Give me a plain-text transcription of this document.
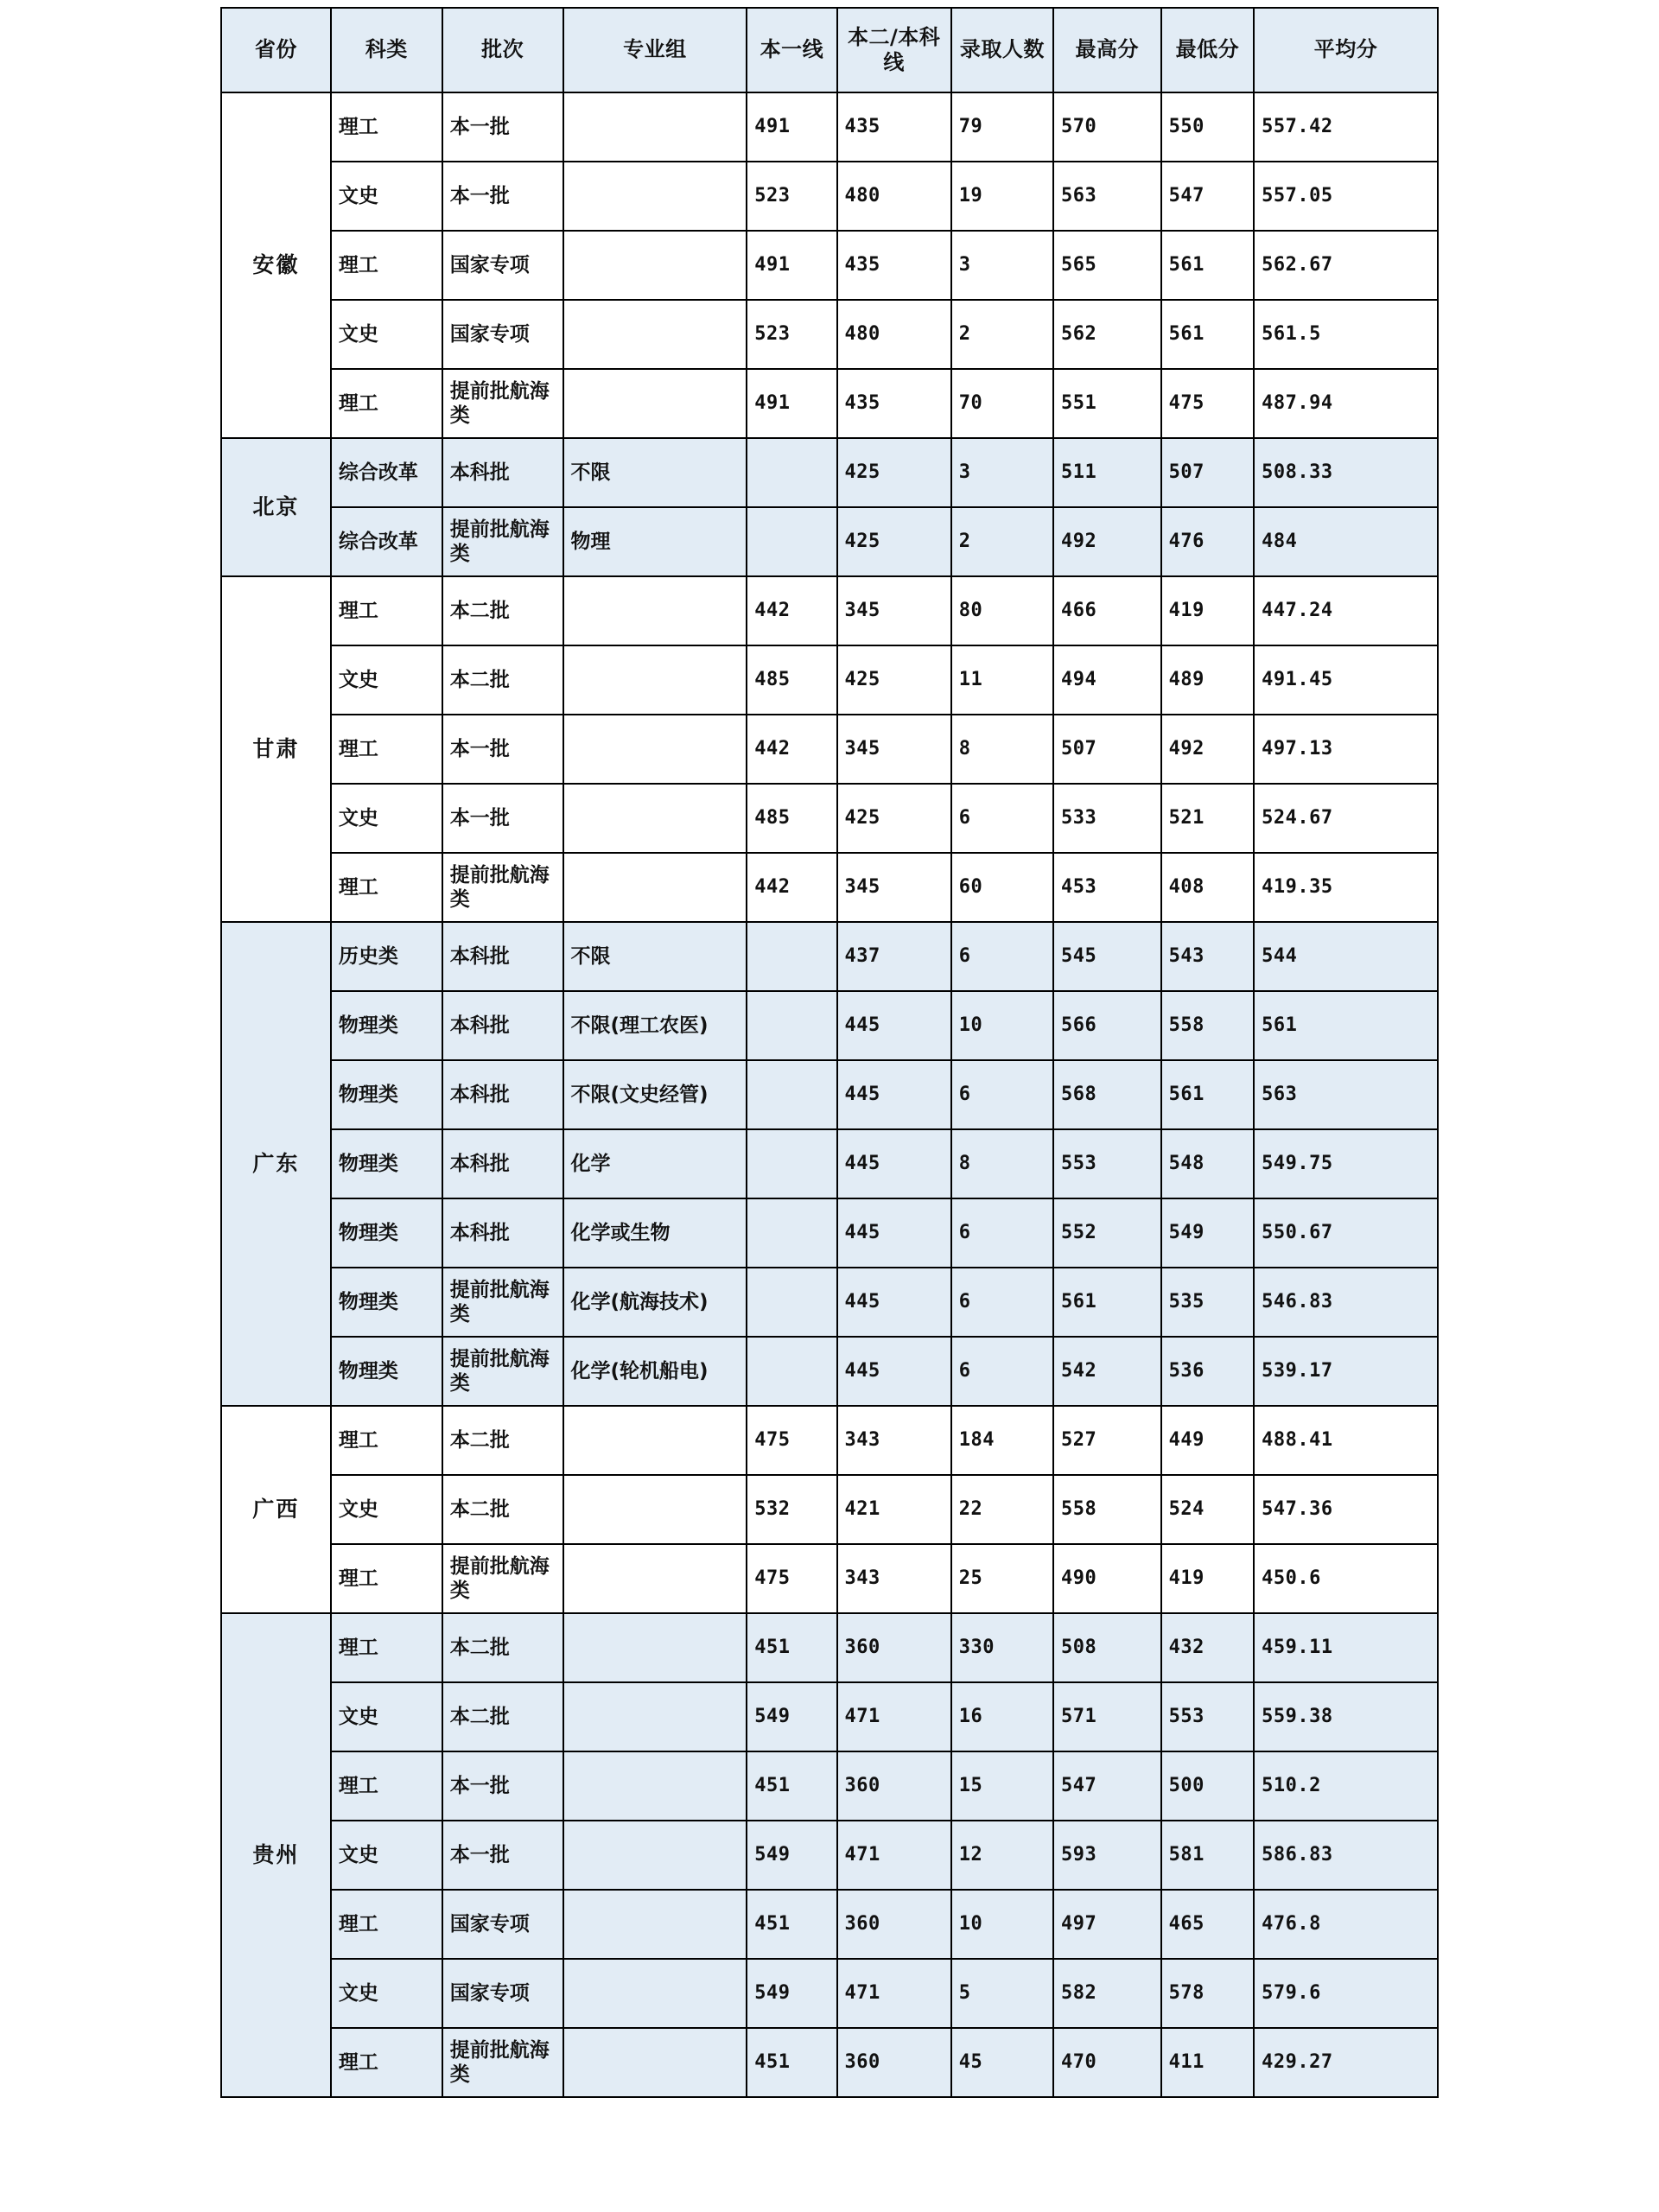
省份	科类	批次	专业组	本一线	本二/本科线	录取人数	最高分	最低分	平均分
安徽	理工	本一批		491	435	79	570	550	557.42
	文史	本一批		523	480	19	563	547	557.05
	理工	国家专项		491	435	3	565	561	562.67
	文史	国家专项		523	480	2	562	561	561.5
	理工	提前批航海类		491	435	70	551	475	487.94
北京	综合改革	本科批	不限		425	3	511	507	508.33
	综合改革	提前批航海类	物理		425	2	492	476	484
甘肃	理工	本二批		442	345	80	466	419	447.24
	文史	本二批		485	425	11	494	489	491.45
	理工	本一批		442	345	8	507	492	497.13
	文史	本一批		485	425	6	533	521	524.67
	理工	提前批航海类		442	345	60	453	408	419.35
广东	历史类	本科批	不限		437	6	545	543	544
	物理类	本科批	不限(理工农医)		445	10	566	558	561
	物理类	本科批	不限(文史经管)		445	6	568	561	563
	物理类	本科批	化学		445	8	553	548	549.75
	物理类	本科批	化学或生物		445	6	552	549	550.67
	物理类	提前批航海类	化学(航海技术)		445	6	561	535	546.83
	物理类	提前批航海类	化学(轮机船电)		445	6	542	536	539.17
广西	理工	本二批		475	343	184	527	449	488.41
	文史	本二批		532	421	22	558	524	547.36
	理工	提前批航海类		475	343	25	490	419	450.6
贵州	理工	本二批		451	360	330	508	432	459.11
	文史	本二批		549	471	16	571	553	559.38
	理工	本一批		451	360	15	547	500	510.2
	文史	本一批		549	471	12	593	581	586.83
	理工	国家专项		451	360	10	497	465	476.8
	文史	国家专项		549	471	5	582	578	579.6
	理工	提前批航海类		451	360	45	470	411	429.27
